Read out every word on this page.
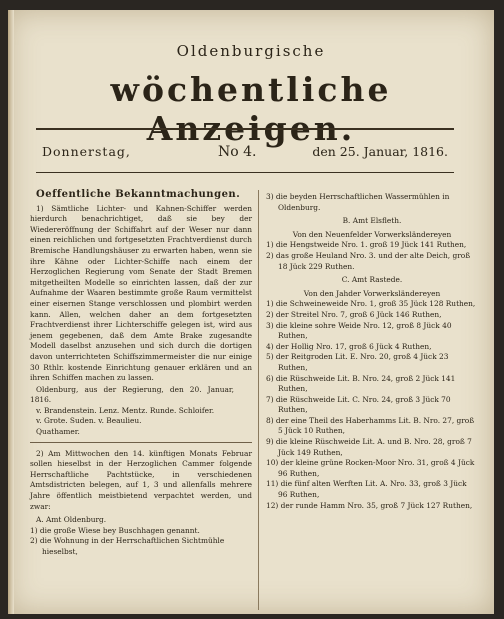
Oldenburgische
wöchentliche Anzeigen.
Donnerstag,	No 4.	den 25. Januar, 1816.
Oeffentliche Bekanntmachungen.

1) Sämtliche Lichter- und Kahnen-Schiffer werden hierdurch benachrichtiget, daß sie bey der Wiedereröffnung der Schiffahrt auf der Weser nur dann einen reichlichen und fortgesetzten Frachtverdienst durch Bremische Handlungshäuser zu erwarten haben, wenn sie ihre Kähne oder Lichter-Schiffe nach einem der Herzoglichen Regierung vom Senate der Stadt Bremen mitgetheilten Modelle so einrichten lassen, daß der zur Aufnahme der Waaren bestimmte große Raum vermittelst einer eisernen Stange verschlossen und plombirt werden kann. Allen, welchen daher an dem fortgesetzten Frachtverdienst ihrer Lichterschiffe gelegen ist, wird aus jenem gegebenen, daß dem Amte Brake zugesandte Modell daselbst anzusehen und sich durch die dortigen davon unterrichteten Schiffszimmermeister die nur einige 30 Rthlr. kostende Einrichtung genauer erklären und an ihren Schiffen machen zu lassen.

Oldenburg, aus der Regierung, den 20. Januar, 1816.

v. Brandenstein. Lenz. Mentz. Runde. Schloifer.

v. Grote. Suden. v. Beaulieu.

Quathamer.

2) Am Mittwochen den 14. künftigen Monats Februar sollen hieselbst in der Herzoglichen Cammer folgende Herrschaftliche Pachtstücke, in verschiedenen Amtsdistricten belegen, auf 1, 3 und allenfalls mehrere Jahre öffentlich meistbietend verpachtet werden, und zwar:

A. Amt Oldenburg.

1) die große Wiese bey Buschhagen genannt.

2) die Wohnung in der Herrschaftlichen Sichtmühle hieselbst,

3) die beyden Herrschaftlichen Wassermühlen in Oldenburg.

B. Amt Elsfleth.

Von den Neuenfelder Vorwerksländereyen

1) die Hengstweide Nro. 1. groß 19 Jück 141 Ruthen,

2) das große Heuland Nro. 3. und der alte Deich, groß 18 Jück 229 Ruthen.

C. Amt Rastede.

Von den Jahder Vorwerksländereyen

1) die Schweineweide Nro. 1, groß 35 Jück 128 Ruthen,

2) der Streitel Nro. 7, groß 6 Jück 146 Ruthen,

3) die kleine sohre Weide Nro. 12, groß 8 Jück 40 Ruthen,

4) der Hollig Nro. 17, groß 6 Jück 4 Ruthen,

5) der Reitgroden Lit. E. Nro. 20, groß 4 Jück 23 Ruthen,

6) die Rüschweide Lit. B. Nro. 24, groß 2 Jück 141 Ruthen,

7) die Rüschweide Lit. C. Nro. 24, groß 3 Jück 70 Ruthen,

8) der eine Theil des Haberhamms Lit. B. Nro. 27, groß 5 Jück 10 Ruthen,

9) die kleine Rüschweide Lit. A. und B. Nro. 28, groß 7 Jück 149 Ruthen,

10) der kleine grüne Rocken-Moor Nro. 31, groß 4 Jück 96 Ruthen,

11) die fünf alten Werften Lit. A. Nro. 33, groß 3 Jück 96 Ruthen,

12) der runde Hamm Nro. 35, groß 7 Jück 127 Ruthen,
